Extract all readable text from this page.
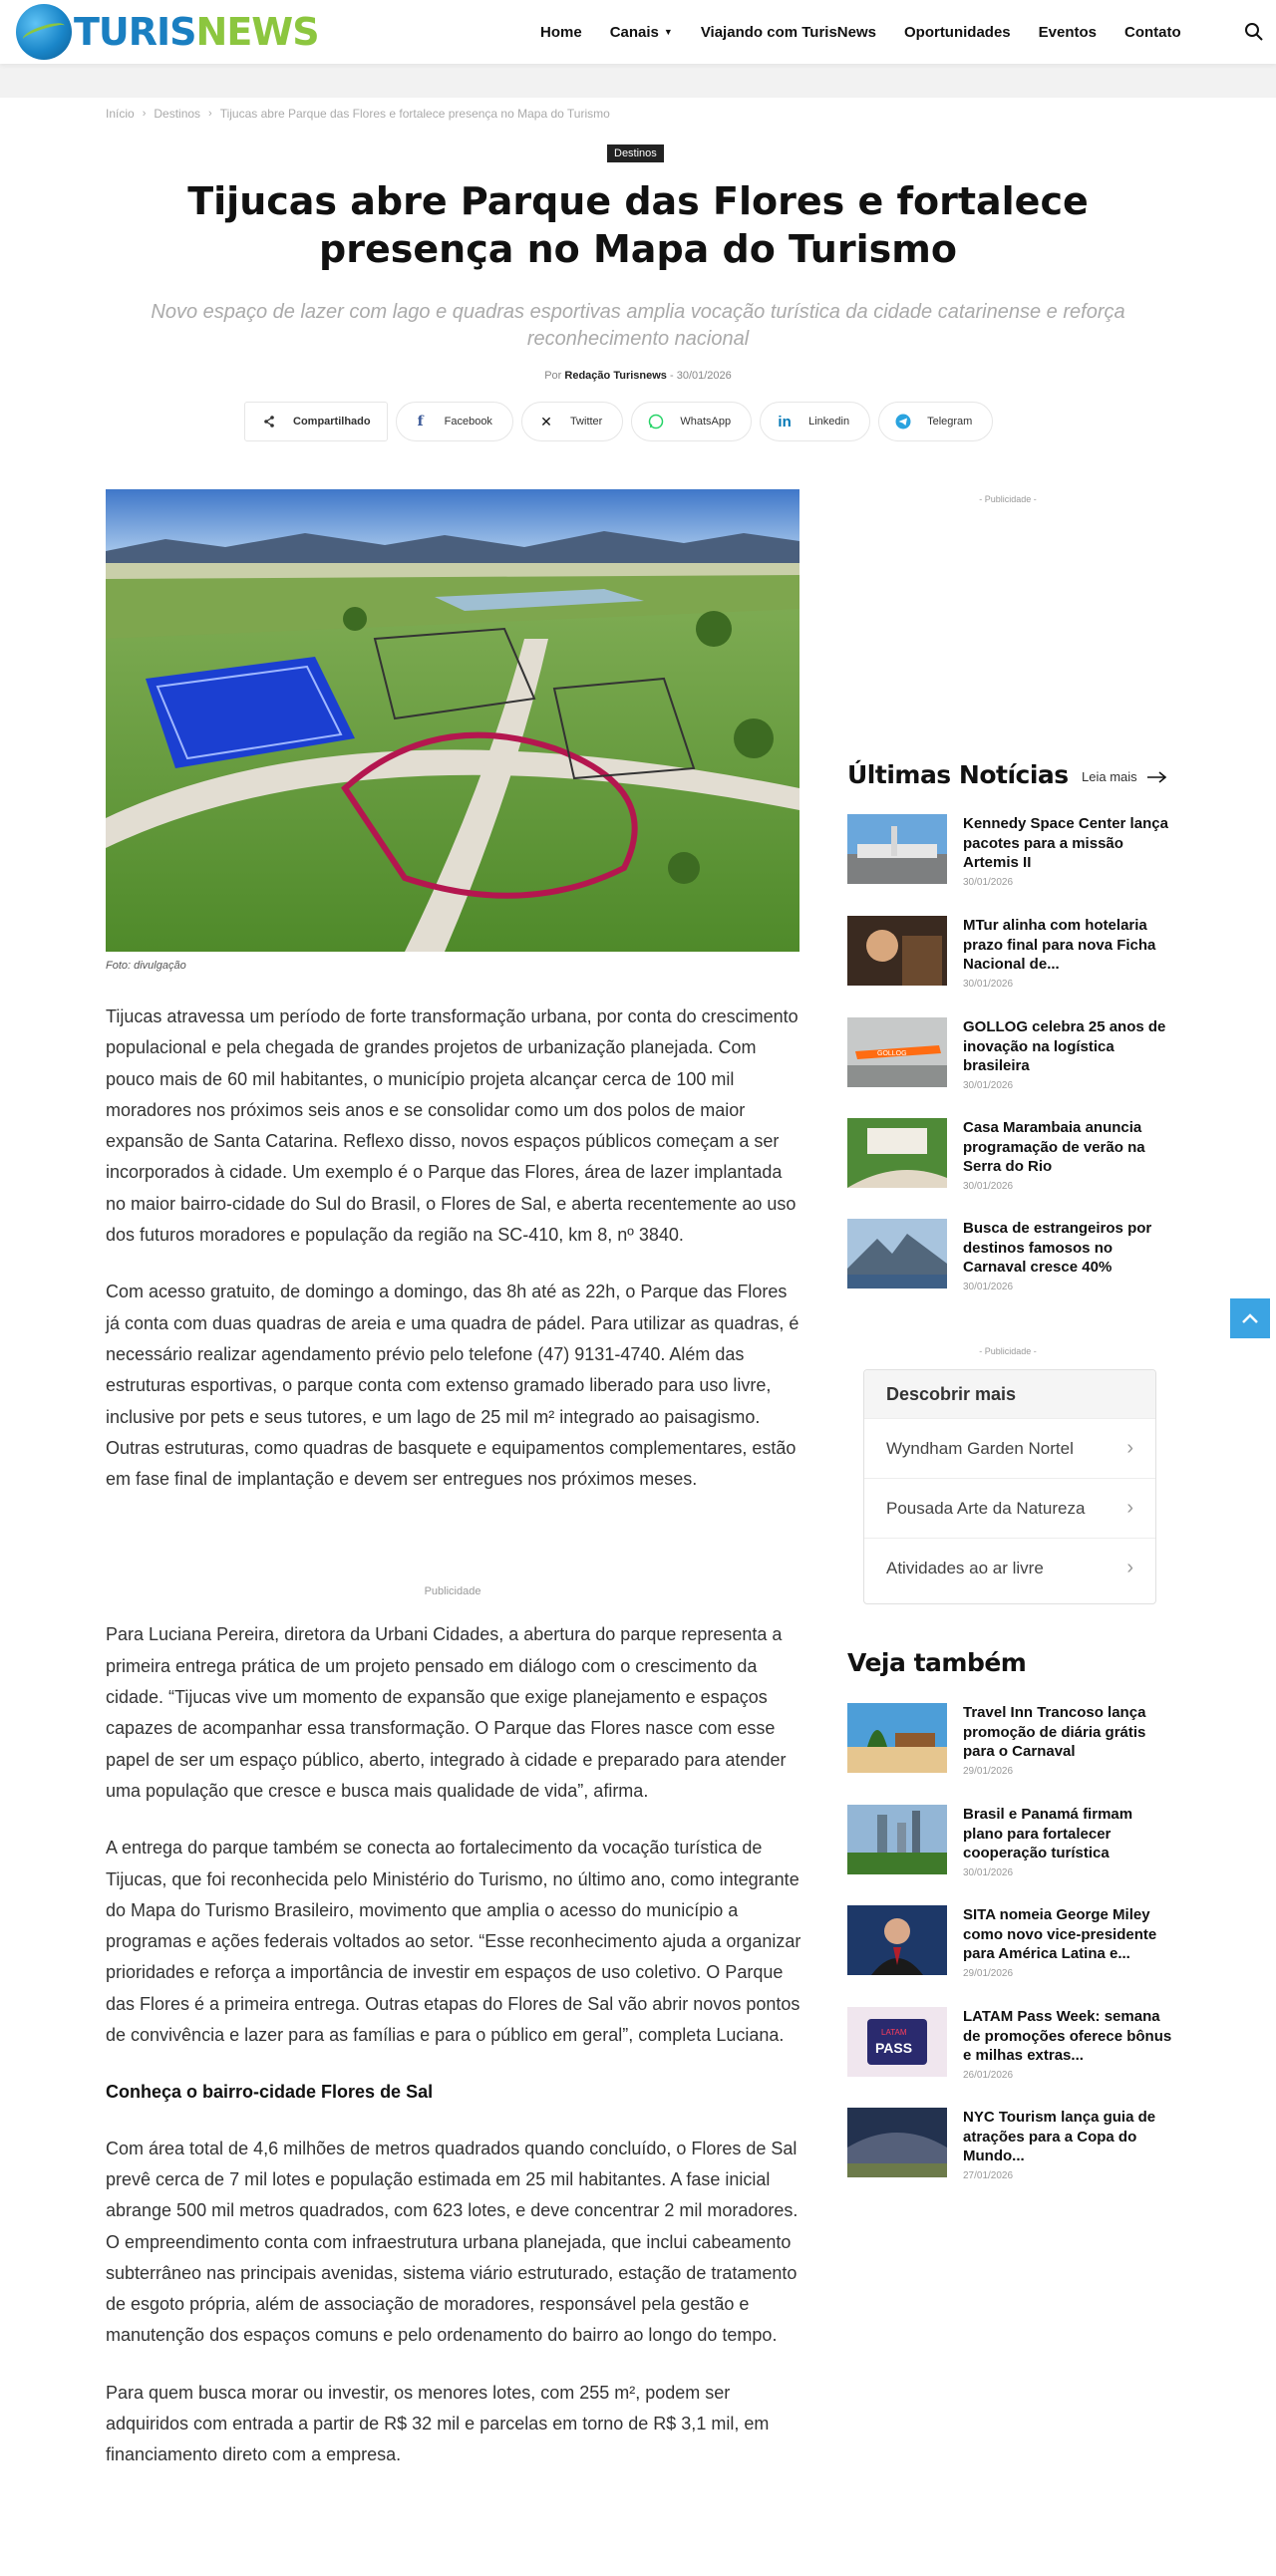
TURISNEWS	Home Canais ▼ Viajando com TurisNews Oportunidades Eventos Contato
Início › Destinos › Tijucas abre Parque das Flores e fortalece presença no Mapa do Turismo
Destinos
Tijucas abre Parque das Flores e fortalece presença no Mapa do Turismo
Novo espaço de lazer com lago e quadras esportivas amplia vocação turística da cidade catarinense e reforça reconhecimento nacional
Por Redação Turisnews - 30/01/2026
Compartilhado	f	Facebook	✕	Twitter	WhatsApp	in	Linkedin	Telegram
Foto: divulgação

Tijucas atravessa um período de forte transformação urbana, por conta do crescimento populacional e pela chegada de grandes projetos de urbanização planejada. Com pouco mais de 60 mil habitantes, o município projeta alcançar cerca de 100 mil moradores nos próximos seis anos e se consolidar como um dos polos de maior expansão de Santa Catarina. Reflexo disso, novos espaços públicos começam a ser incorporados à cidade. Um exemplo é o Parque das Flores, área de lazer implantada no maior bairro-cidade do Sul do Brasil, o Flores de Sal, e aberta recentemente ao uso dos futuros moradores e população da região na SC-410, km 8, nº 3840.

Com acesso gratuito, de domingo a domingo, das 8h até as 22h, o Parque das Flores já conta com duas quadras de areia e uma quadra de pádel. Para utilizar as quadras, é necessário realizar agendamento prévio pelo telefone (47) 9131-4740. Além das estruturas esportivas, o parque conta com extenso gramado liberado para uso livre, inclusive por pets e seus tutores, e um lago de 25 mil m² integrado ao paisagismo. Outras estruturas, como quadras de basquete e equipamentos complementares, estão em fase final de implantação e devem ser entregues nos próximos meses.

Para Luciana Pereira, diretora da Urbani Cidades, a abertura do parque representa a primeira entrega prática de um projeto pensado em diálogo com o crescimento da cidade. “Tijucas vive um momento de expansão que exige planejamento e espaços capazes de acompanhar essa transformação. O Parque das Flores nasce com esse papel de ser um espaço público, aberto, integrado à cidade e preparado para atender uma população que cresce e busca mais qualidade de vida”, afirma.

A entrega do parque também se conecta ao fortalecimento da vocação turística de Tijucas, que foi reconhecida pelo Ministério do Turismo, no último ano, como integrante do Mapa do Turismo Brasileiro, movimento que amplia o acesso do município a programas e ações federais voltados ao setor. “Esse reconhecimento ajuda a organizar prioridades e reforça a importância de investir em espaços de uso coletivo. O Parque das Flores é a primeira entrega. Outras etapas do Flores de Sal vão abrir novos pontos de convivência e lazer para as famílias e para o público em geral”, completa Luciana.

Conheça o bairro-cidade Flores de Sal

Com área total de 4,6 milhões de metros quadrados quando concluído, o Flores de Sal prevê cerca de 7 mil lotes e população estimada em 25 mil habitantes. A fase inicial abrange 500 mil metros quadrados, com 623 lotes, e deve concentrar 2 mil moradores. O empreendimento conta com infraestrutura urbana planejada, que inclui cabeamento subterrâneo nas principais avenidas, sistema viário estruturado, estação de tratamento de esgoto própria, além de associação de moradores, responsável pela gestão e manutenção dos espaços comuns e pelo ordenamento do bairro ao longo do tempo.

Para quem busca morar ou investir, os menores lotes, com 255 m², podem ser adquiridos com entrada a partir de R$ 32 mil e parcelas em torno de R$ 3,1 mil, em financiamento direto com a empresa.

Publicidade
- Publicidade -
Últimas Notícias Leia mais
Kennedy Space Center lança pacotes para a missão Artemis II
30/01/2026
MTur alinha com hotelaria prazo final para nova Ficha Nacional de...
30/01/2026
GOLLOG
GOLLOG celebra 25 anos de inovação na logística brasileira
30/01/2026
Casa Marambaia anuncia programação de verão na Serra do Rio
30/01/2026
Busca de estrangeiros por destinos famosos no Carnaval cresce 40%
30/01/2026
- Publicidade -
Descobrir mais
Wyndham Garden Nortel	›
Pousada Arte da Natureza ›
Atividades ao ar livre	›
Veja também
Travel Inn Trancoso lança promoção de diária grátis para o Carnaval
29/01/2026
Brasil e Panamá firmam plano para fortalecer cooperação turística
30/01/2026
SITA nomeia George Miley como novo vice-presidente para América Latina e...
29/01/2026
LATAM
PASS
LATAM Pass Week: semana de promoções oferece bônus e milhas extras...
26/01/2026
NYC Tourism lança guia de atrações para a Copa do Mundo...
27/01/2026
